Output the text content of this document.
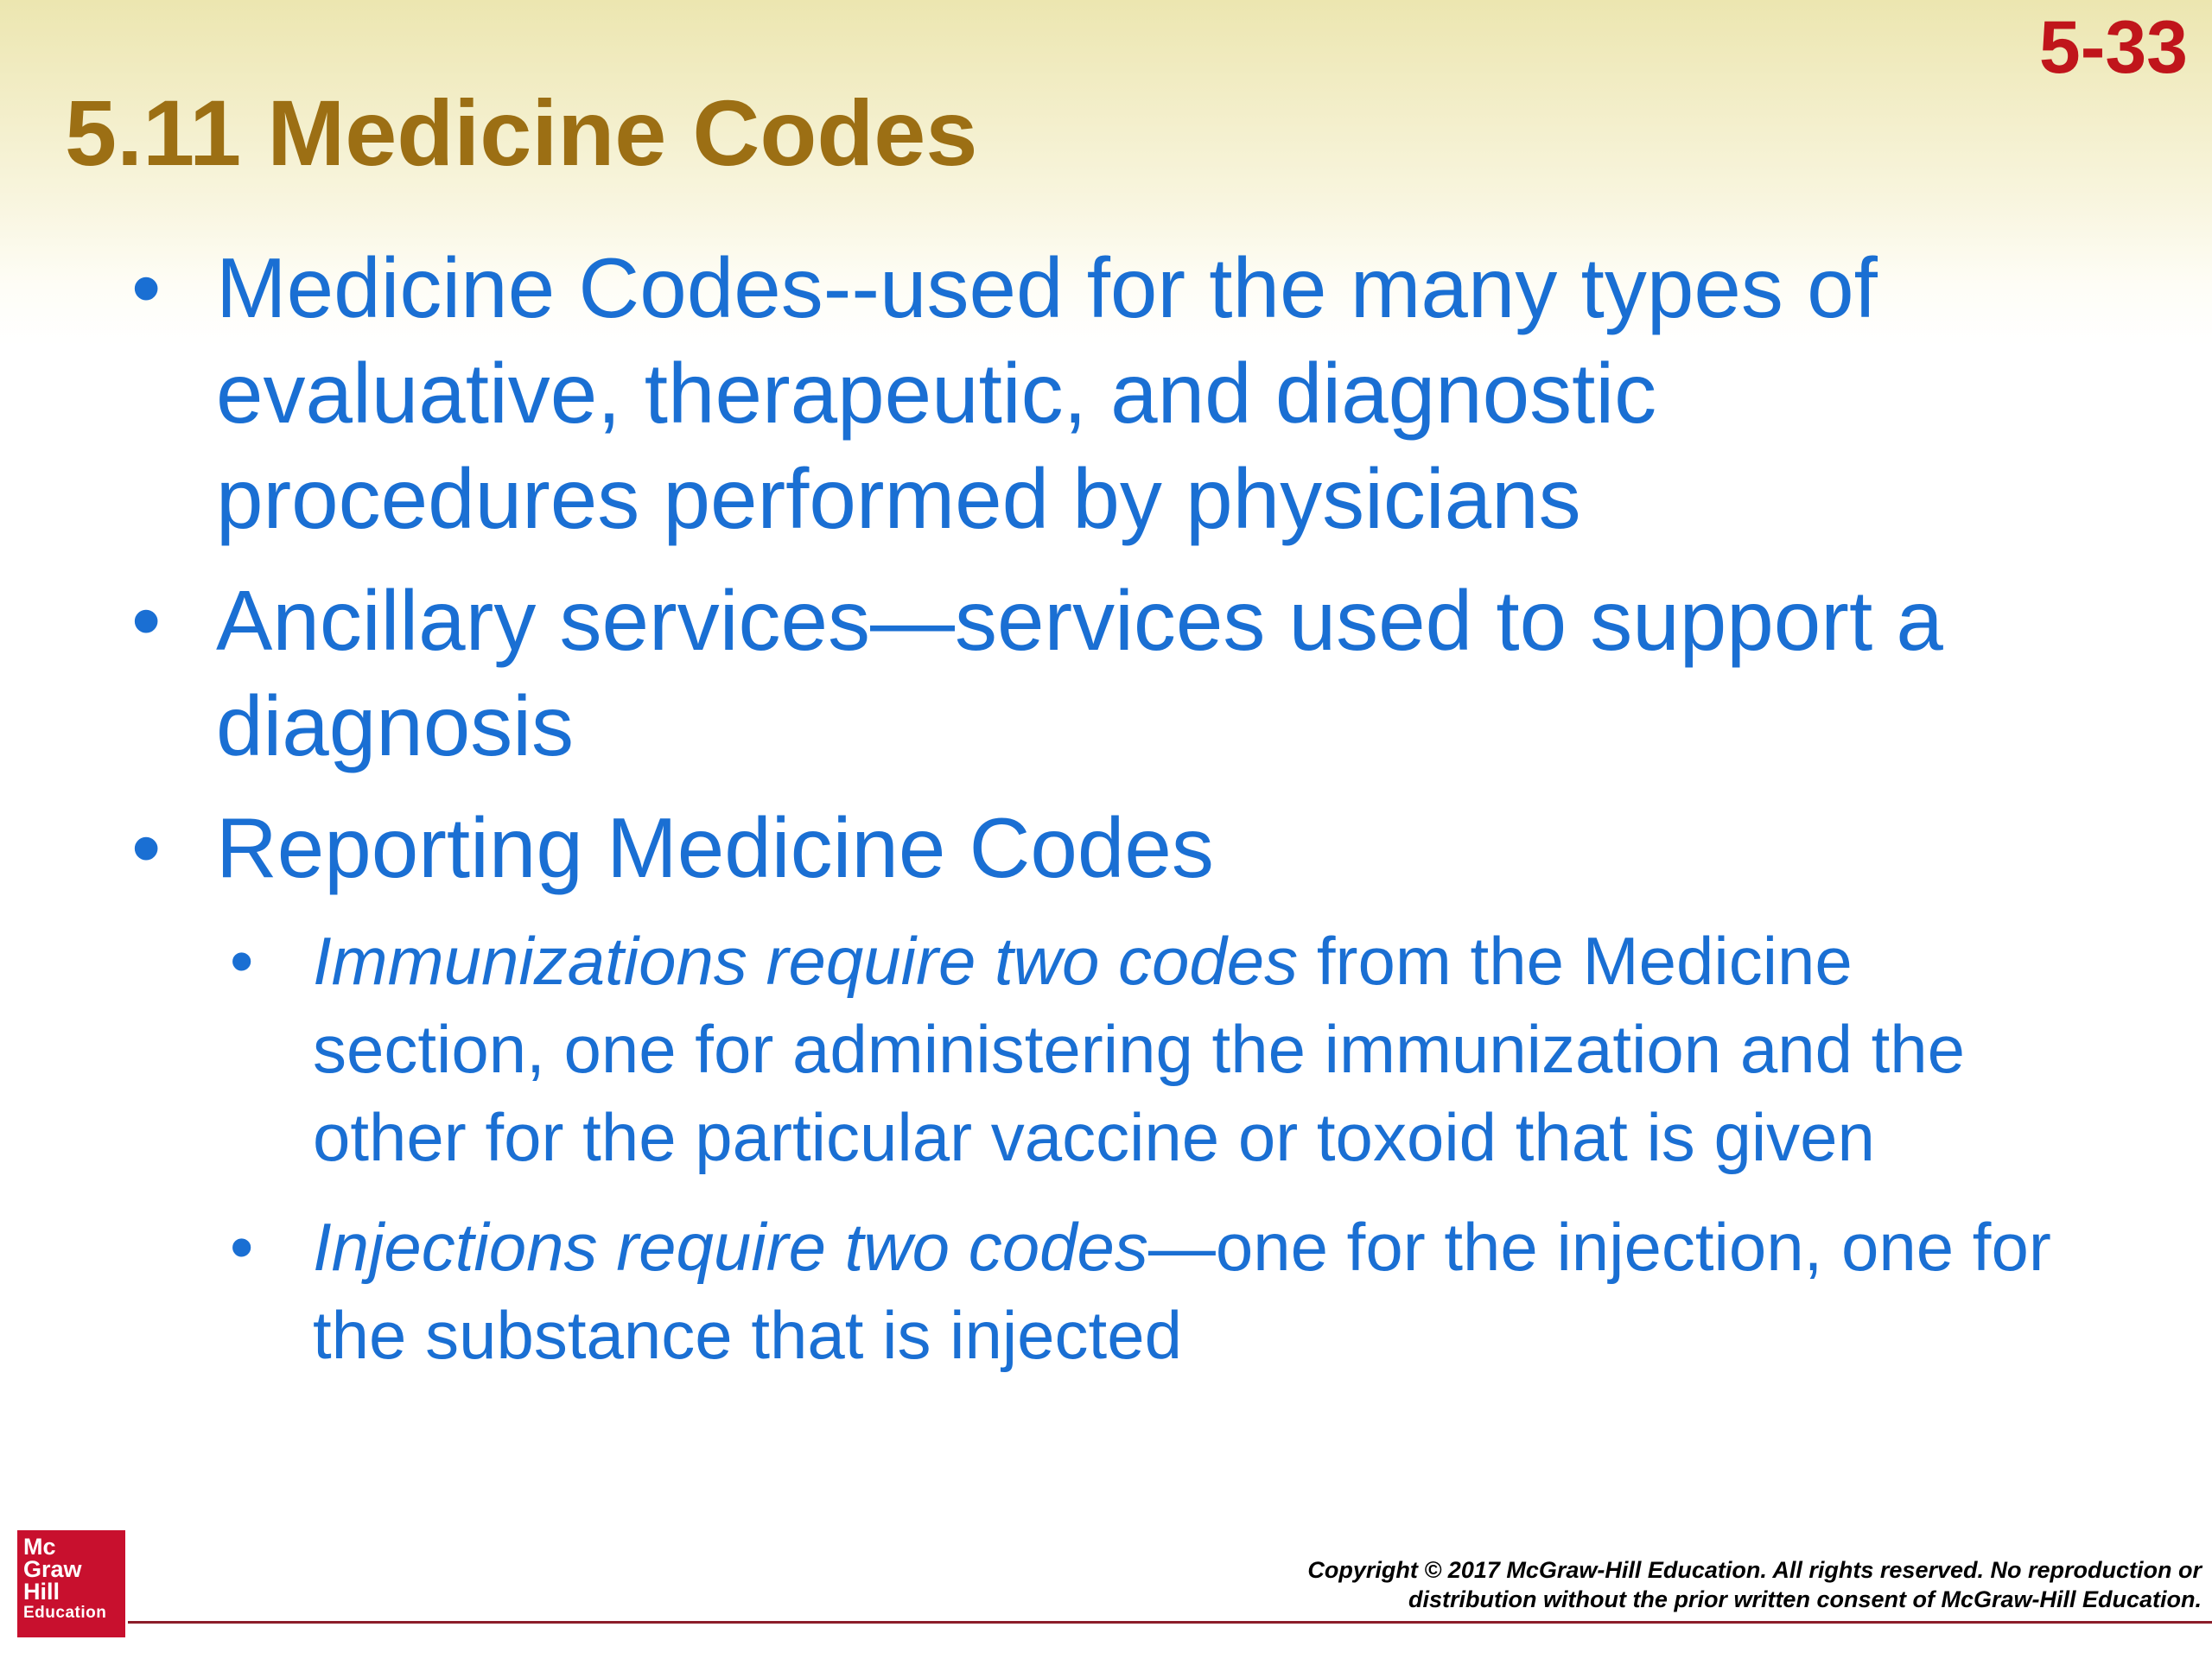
5-33
5.11 Medicine Codes
• Medicine Codes--used for the many types of evaluative, therapeutic, and diagnostic procedures performed by physicians
• Ancillary services—services used to support a diagnosis
• Reporting Medicine Codes
• Immunizations require two codes from the Medicine section, one for administering the immunization and the other for the particular vaccine or toxoid that is given
• Injections require two codes—one for the injection, one for the substance that is injected
Mc
Graw
Hill
Education
Copyright © 2017 McGraw-Hill Education. All rights reserved. No reproduction or
distribution without the prior written consent of McGraw-Hill Education.
